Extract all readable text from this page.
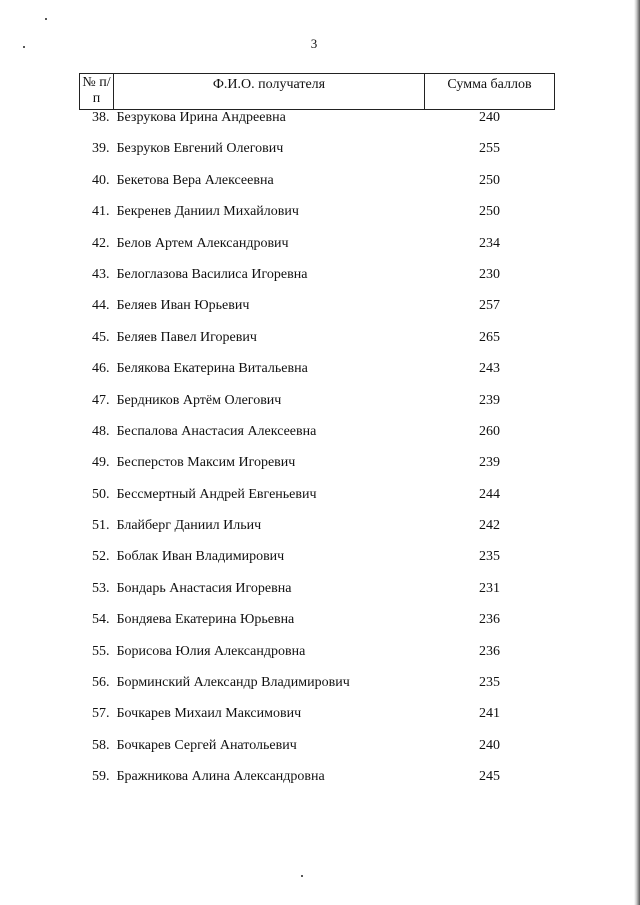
3
№ п/п	Ф.И.О. получателя	Сумма баллов
38.	Безрукова Ирина Андреевна	240
39.	Безруков Евгений Олегович	255
40.	Бекетова Вера Алексеевна	250
41.	Бекренев Даниил Михайлович	250
42.	Белов Артем Александрович	234
43.	Белоглазова Василиса Игоревна	230
44.	Беляев Иван Юрьевич	257
45.	Беляев Павел Игоревич	265
46.	Белякова Екатерина Витальевна	243
47.	Бердников Артём Олегович	239
48.	Беспалова Анастасия Алексеевна	260
49.	Бесперстов Максим Игоревич	239
50.	Бессмертный Андрей Евгеньевич	244
51.	Блайберг Даниил Ильич	242
52.	Боблак Иван Владимирович	235
53.	Бондарь Анастасия Игоревна	231
54.	Бондяева Екатерина Юрьевна	236
55.	Борисова Юлия Александровна	236
56.	Борминский Александр Владимирович	235
57.	Бочкарев Михаил Максимович	241
58.	Бочкарев Сергей Анатольевич	240
59.	Бражникова Алина Александровна	245
